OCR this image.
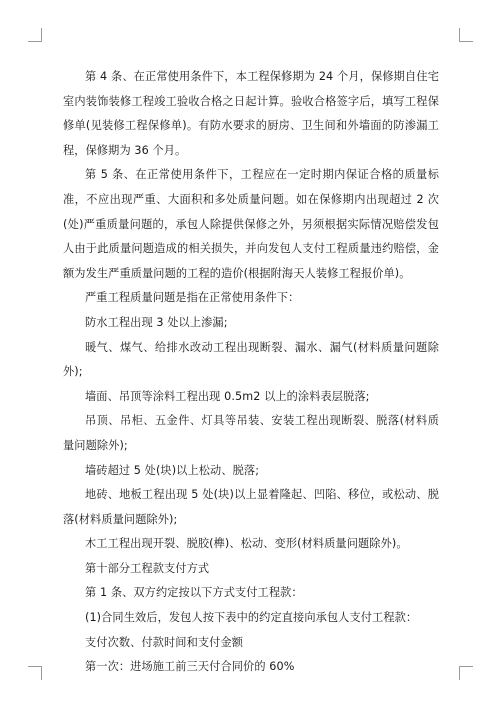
第 4 条、在正常使用条件下，本工程保修期为 24 个月，保修期自住宅室内装饰装修工程竣工验收合格之日起计算。验收合格签字后，填写工程保修单(见装修工程保修单)。有防水要求的厨房、卫生间和外墙面的防渗漏工程，保修期为 36 个月。

第 5 条、在正常使用条件下，工程应在一定时期内保证合格的质量标准，不应出现严重、大面积和多处质量问题。如在保修期内出现超过 2 次(处)严重质量问题的，承包人除提供保修之外，另须根据实际情况赔偿发包人由于此质量问题造成的相关损失，并向发包人支付工程质量违约赔偿，金额为发生严重质量问题的工程的造价(根据附海天人装修工程报价单)。

严重工程质量问题是指在正常使用条件下：

防水工程出现 3 处以上渗漏;

暖气、煤气、给排水改动工程出现断裂、漏水、漏气(材料质量问题除外);

墙面、吊顶等涂料工程出现 0.5m2 以上的涂料表层脱落;

吊顶、吊柜、五金件、灯具等吊装、安装工程出现断裂、脱落(材料质量问题除外);

墙砖超过 5 处(块)以上松动、脱落;

地砖、地板工程出现 5 处(块)以上显着隆起、凹陷、移位，或松动、脱落(材料质量问题除外);

木工工程出现开裂、脱胶(榫)、松动、变形(材料质量问题除外)。

第十部分工程款支付方式

第 1 条、双方约定按以下方式支付工程款：

(1)合同生效后，发包人按下表中的约定直接向承包人支付工程款：

支付次数、付款时间和支付金额

第一次：进场施工前三天付合同价的 60%
